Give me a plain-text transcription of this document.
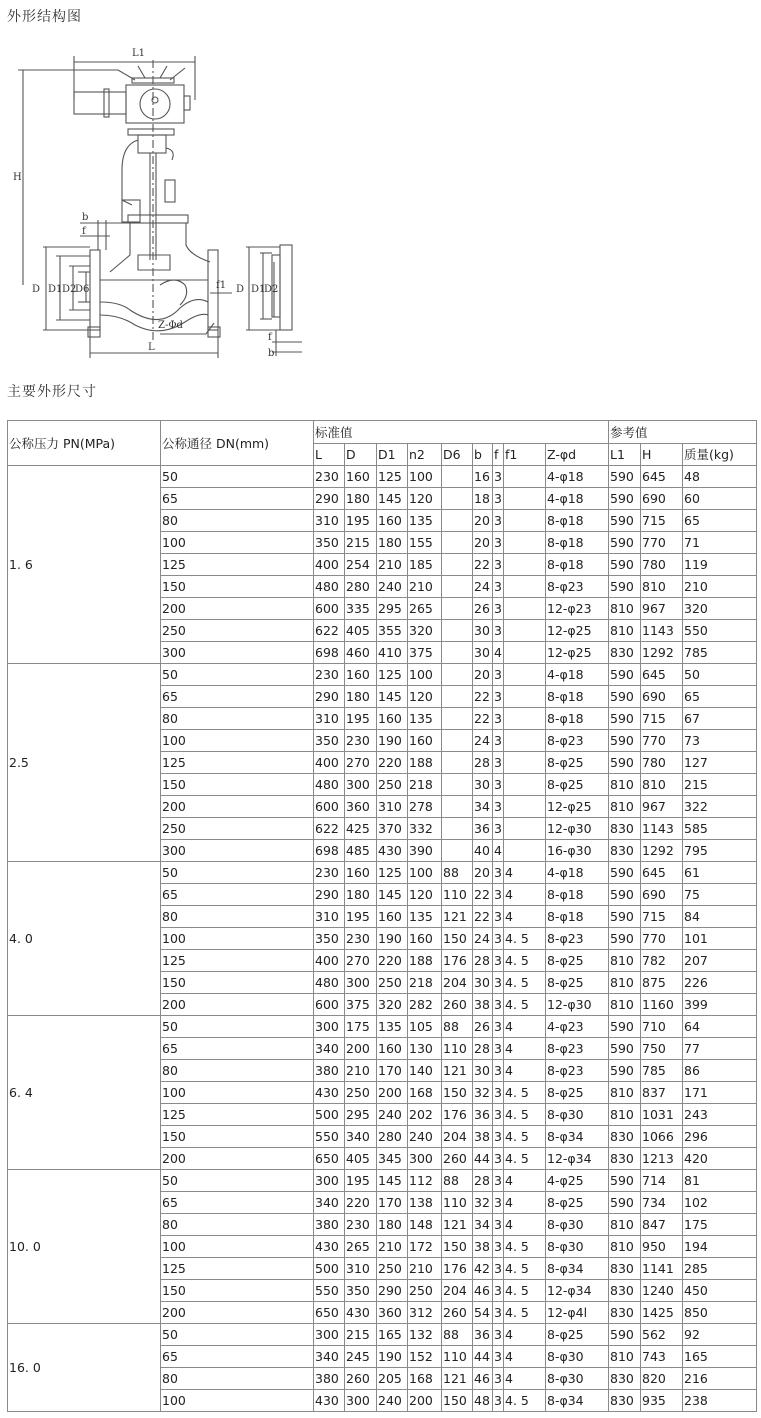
外形结构图
L1
H
b
f
D D1 D2
D6	f1
Z-Φd
L
D D1
D2
f
b
主要外形尺寸
公称压力 PN(MPa)	公称通径 DN(mm)	标准值									参考值		
		L	D	D1	n2	D6	b	f	f1	Z-φd	L1	H	质量(kg)
1. 6	50	230	160	125	100		16	3		4-φ18	590	645	48
	65	290	180	145	120		18	3		4-φ18	590	690	60
	80	310	195	160	135		20	3		8-φ18	590	715	65
	100	350	215	180	155		20	3		8-φ18	590	770	71
	125	400	254	210	185		22	3		8-φ18	590	780	119
	150	480	280	240	210		24	3		8-φ23	590	810	210
	200	600	335	295	265		26	3		12-φ23	810	967	320
	250	622	405	355	320		30	3		12-φ25	810	1143	550
	300	698	460	410	375		30	4		12-φ25	830	1292	785
2.5	50	230	160	125	100		20	3		4-φ18	590	645	50
	65	290	180	145	120		22	3		8-φ18	590	690	65
	80	310	195	160	135		22	3		8-φ18	590	715	67
	100	350	230	190	160		24	3		8-φ23	590	770	73
	125	400	270	220	188		28	3		8-φ25	590	780	127
	150	480	300	250	218		30	3		8-φ25	810	810	215
	200	600	360	310	278		34	3		12-φ25	810	967	322
	250	622	425	370	332		36	3		12-φ30	830	1143	585
	300	698	485	430	390		40	4		16-φ30	830	1292	795
4. 0	50	230	160	125	100	88	20	3	4	4-φ18	590	645	61
	65	290	180	145	120	110	22	3	4	8-φ18	590	690	75
	80	310	195	160	135	121	22	3	4	8-φ18	590	715	84
	100	350	230	190	160	150	24	3	4. 5	8-φ23	590	770	101
	125	400	270	220	188	176	28	3	4. 5	8-φ25	810	782	207
	150	480	300	250	218	204	30	3	4. 5	8-φ25	810	875	226
	200	600	375	320	282	260	38	3	4. 5	12-φ30	810	1160	399
6. 4	50	300	175	135	105	88	26	3	4	4-φ23	590	710	64
	65	340	200	160	130	110	28	3	4	8-φ23	590	750	77
	80	380	210	170	140	121	30	3	4	8-φ23	590	785	86
	100	430	250	200	168	150	32	3	4. 5	8-φ25	810	837	171
	125	500	295	240	202	176	36	3	4. 5	8-φ30	810	1031	243
	150	550	340	280	240	204	38	3	4. 5	8-φ34	830	1066	296
	200	650	405	345	300	260	44	3	4. 5	12-φ34	830	1213	420
10. 0	50	300	195	145	112	88	28	3	4	4-φ25	590	714	81
	65	340	220	170	138	110	32	3	4	8-φ25	590	734	102
	80	380	230	180	148	121	34	3	4	8-φ30	810	847	175
	100	430	265	210	172	150	38	3	4. 5	8-φ30	810	950	194
	125	500	310	250	210	176	42	3	4. 5	8-φ34	830	1141	285
	150	550	350	290	250	204	46	3	4. 5	12-φ34	830	1240	450
	200	650	430	360	312	260	54	3	4. 5	12-φ4l	830	1425	850
16. 0	50	300	215	165	132	88	36	3	4	8-φ25	590	562	92
	65	340	245	190	152	110	44	3	4	8-φ30	810	743	165
	80	380	260	205	168	121	46	3	4	8-φ30	830	820	216
	100	430	300	240	200	150	48	3	4. 5	8-φ34	830	935	238
